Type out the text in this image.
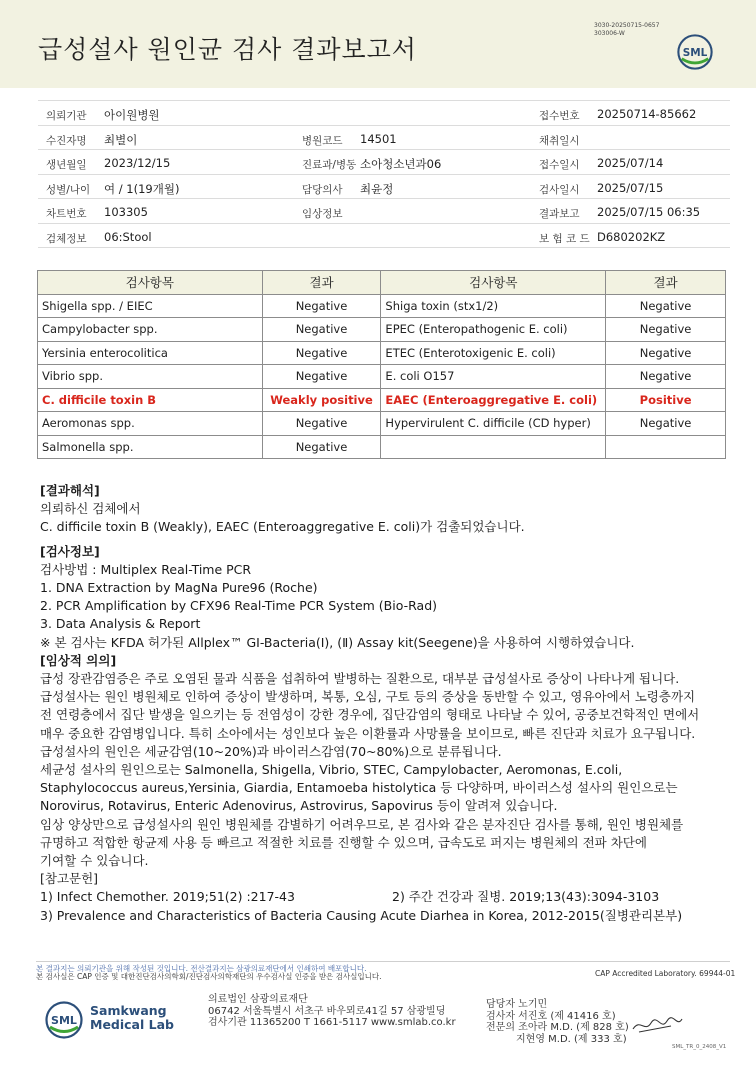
급성설사 원인균 검사 결과보고서
3030-20250715-0657
303006-W
SML
의뢰기관 아이원병원	접수번호 20250714-85662
수진자명 최별이	병원코드 14501	채취일시
생년월일 2023/12/15	진료과/병동 소아청소년과06	접수일시 2025/07/14
성별/나이 여 / 1(19개월)	담당의사 최윤정	검사일시 2025/07/15
차트번호 103305	임상정보	결과보고 2025/07/15 06:35
검체정보 06:Stool	보 험 코 드 D680202KZ
검사항목	결과	검사항목	결과
Shigella spp. / EIEC	Negative	Shiga toxin (stx1/2)	Negative
Campylobacter spp.	Negative	EPEC (Enteropathogenic E. coli)	Negative
Yersinia enterocolitica	Negative	ETEC (Enterotoxigenic E. coli)	Negative
Vibrio spp.	Negative	E. coli O157	Negative
C. difficile toxin B	Weakly positive	EAEC (Enteroaggregative E. coli)	Positive
Aeromonas spp.	Negative	Hypervirulent C. difficile (CD hyper)	Negative
Salmonella spp.	Negative		
[결과해석]
의뢰하신 검체에서
C. difficile toxin B (Weakly), EAEC (Enteroaggregative E. coli)가 검출되었습니다.
[검사정보]
검사방법 : Multiplex Real-Time PCR
1. DNA Extraction by MagNa Pure96 (Roche)
2. PCR Amplification by CFX96 Real-Time PCR System (Bio-Rad)
3. Data Analysis & Report
※ 본 검사는 KFDA 허가된 Allplex™ GI-Bacteria(Ⅰ), (Ⅱ) Assay kit(Seegene)을 사용하여 시행하였습니다.
[임상적 의의]
급성 장관감염증은 주로 오염된 물과 식품을 섭취하여 발병하는 질환으로, 대부분 급성설사로 증상이 나타나게 됩니다.
급성설사는 원인 병원체로 인하여 증상이 발생하며, 복통, 오심, 구토 등의 증상을 동반할 수 있고, 영유아에서 노령층까지
전 연령층에서 집단 발생을 일으키는 등 전염성이 강한 경우에, 집단감염의 형태로 나타날 수 있어, 공중보건학적인 면에서
매우 중요한 감염병입니다. 특히 소아에서는 성인보다 높은 이환률과 사망률을 보이므로, 빠른 진단과 치료가 요구됩니다.
급성설사의 원인은 세균감염(10~20%)과 바이러스감염(70~80%)으로 분류됩니다.
세균성 설사의 원인으로는 Salmonella, Shigella, Vibrio, STEC, Campylobacter, Aeromonas, E.coli,
Staphylococcus aureus,Yersinia, Giardia, Entamoeba histolytica 등 다양하며, 바이러스성 설사의 원인으로는
Norovirus, Rotavirus, Enteric Adenovirus, Astrovirus, Sapovirus 등이 알려져 있습니다.
임상 양상만으로 급성설사의 원인 병원체를 감별하기 어려우므로, 본 검사와 같은 분자진단 검사를 통해, 원인 병원체를
규명하고 적합한 항균제 사용 등 빠르고 적절한 치료를 진행할 수 있으며, 급속도로 퍼지는 병원체의 전파 차단에
기여할 수 있습니다.
[참고문헌]
1) Infect Chemother. 2019;51(2) :217-43	2) 주간 건강과 질병. 2019;13(43):3094-3103
3) Prevalence and Characteristics of Bacteria Causing Acute Diarhea in Korea, 2012-2015(질병관리본부)
본 결과지는 의뢰기관을 위해 작성된 것입니다. 전산결과지는 삼광의료재단에서 인쇄하여 배포합니다.
본 검사실은 CAP 인증 및 대한진단검사의학회/진단검사의학재단의 우수검사실 인증을 받은 검사실입니다.	CAP Accredited Laboratory. 69944-01
SML
Samkwang
Medical Lab
의료법인 삼광의료재단
06742 서울특별시 서초구 바우뫼로41길 57 삼광빌딩
검사기관 11365200 T 1661-5117 www.smlab.co.kr
담당자 노기민
검사자 서진호 (제 41416 호)
전문의 조아라 M.D. (제 828 호)
지현영 M.D. (제 333 호)
SML_TR_0_2408_V1
